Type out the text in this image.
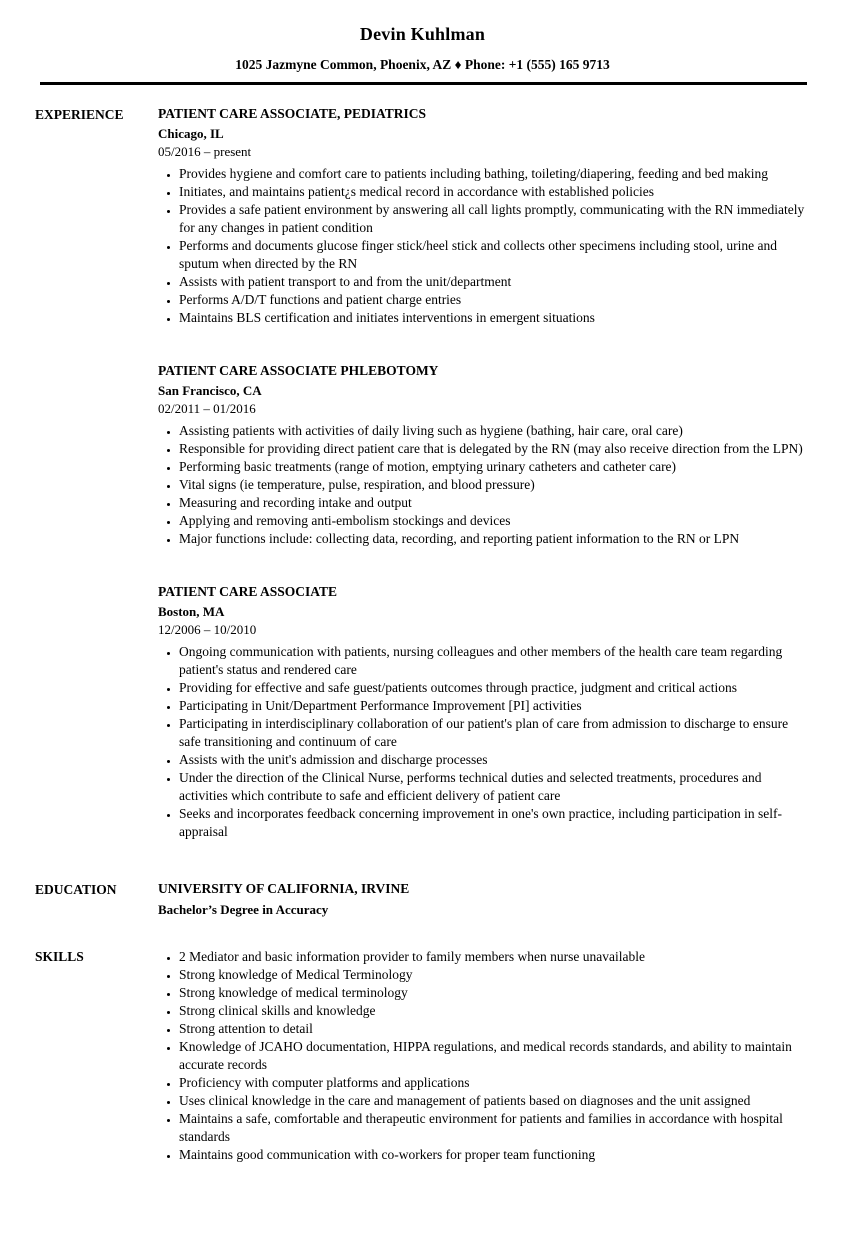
Devin Kuhlman
1025 Jazmyne Common, Phoenix, AZ ♦ Phone: +1 (555) 165 9713
EXPERIENCE	PATIENT CARE ASSOCIATE, PEDIATRICS
Chicago, IL
05/2016 – present
• Provides hygiene and comfort care to patients including bathing, toileting/diapering, feeding and bed making
• Initiates, and maintains patient¿s medical record in accordance with established policies
• Provides a safe patient environment by answering all call lights promptly, communicating with the RN immediately for any changes in patient condition
• Performs and documents glucose finger stick/heel stick and collects other specimens including stool, urine and sputum when directed by the RN
• Assists with patient transport to and from the unit/department
• Performs A/D/T functions and patient charge entries
• Maintains BLS certification and initiates interventions in emergent situations
PATIENT CARE ASSOCIATE PHLEBOTOMY
San Francisco, CA
02/2011 – 01/2016
• Assisting patients with activities of daily living such as hygiene (bathing, hair care, oral care)
• Responsible for providing direct patient care that is delegated by the RN (may also receive direction from the LPN)
• Performing basic treatments (range of motion, emptying urinary catheters and catheter care)
• Vital signs (ie temperature, pulse, respiration, and blood pressure)
• Measuring and recording intake and output
• Applying and removing anti-embolism stockings and devices
• Major functions include: collecting data, recording, and reporting patient information to the RN or LPN
PATIENT CARE ASSOCIATE
Boston, MA
12/2006 – 10/2010
• Ongoing communication with patients, nursing colleagues and other members of the health care team regarding patient's status and rendered care
• Providing for effective and safe guest/patients outcomes through practice, judgment and critical actions
• Participating in Unit/Department Performance Improvement [PI] activities
• Participating in interdisciplinary collaboration of our patient's plan of care from admission to discharge to ensure safe transitioning and continuum of care
• Assists with the unit's admission and discharge processes
• Under the direction of the Clinical Nurse, performs technical duties and selected treatments, procedures and activities which contribute to safe and efficient delivery of patient care
• Seeks and incorporates feedback concerning improvement in one's own practice, including participation in self-appraisal
EDUCATION	UNIVERSITY OF CALIFORNIA, IRVINE
Bachelor’s Degree in Accuracy
SKILLS	• 2 Mediator and basic information provider to family members when nurse unavailable
• Strong knowledge of Medical Terminology
• Strong knowledge of medical terminology
• Strong clinical skills and knowledge
• Strong attention to detail
• Knowledge of JCAHO documentation, HIPPA regulations, and medical records standards, and ability to maintain accurate records
• Proficiency with computer platforms and applications
• Uses clinical knowledge in the care and management of patients based on diagnoses and the unit assigned
• Maintains a safe, comfortable and therapeutic environment for patients and families in accordance with hospital standards
• Maintains good communication with co-workers for proper team functioning
